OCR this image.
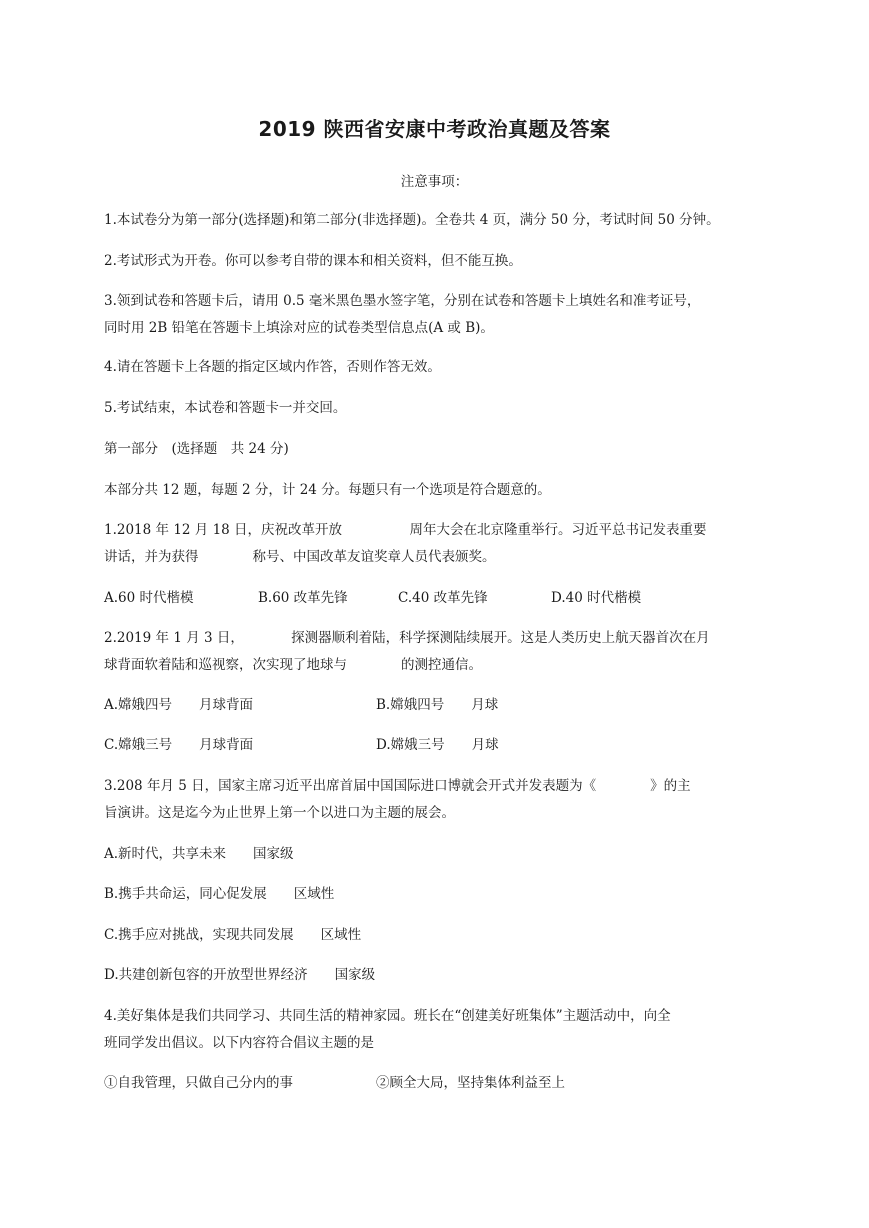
2019 陕西省安康中考政治真题及答案
注意事项：
1.本试卷分为第一部分(选择题)和第二部分(非选择题)。全卷共 4 页，满分 50 分，考试时间 50 分钟。
2.考试形式为开卷。你可以参考自带的课本和相关资料，但不能互换。
3.领到试卷和答题卡后，请用 0.5 毫米黑色墨水签字笔，分别在试卷和答题卡上填姓名和准考证号，
同时用 2B 铅笔在答题卡上填涂对应的试卷类型信息点(A 或 B)。
4.请在答题卡上各题的指定区域内作答，否则作答无效。
5.考试结束，本试卷和答题卡一并交回。
第一部分　(选择题　共 24 分)
本部分共 12 题，每题 2 分，计 24 分。每题只有一个选项是符合题意的。
1.2018 年 12 月 18 日，庆祝改革开放　　　　　周年大会在北京隆重举行。习近平总书记发表重要
讲话，并为获得　　　　称号、中国改革友谊奖章人员代表颁奖。
A.60 时代楷模	B.60 改革先锋	C.40 改革先锋	D.40 时代楷模
2.2019 年 1 月 3 日，　　　　探测器顺利着陆，科学探测陆续展开。这是人类历史上航天器首次在月
球背面软着陆和巡视察，次实现了地球与　　　　的测控通信。
A.嫦娥四号　　月球背面	B.嫦娥四号　　月球
C.嫦娥三号　　月球背面	D.嫦娥三号　　月球
3.208 年月 5 日，国家主席习近平出席首届中国国际进口博就会开式并发表题为《　　　　》的主
旨演讲。这是迄今为止世界上第一个以进口为主题的展会。
A.新时代，共享未来　　国家级
B.携手共命运，同心促发展　　区域性
C.携手应对挑战，实现共同发展　　区域性
D.共建创新包容的开放型世界经济　　国家级
4.美好集体是我们共同学习、共同生活的精神家园。班长在“创建美好班集体”主题活动中，向全
班同学发出倡议。以下内容符合倡议主题的是
①自我管理，只做自己分内的事	②顾全大局，坚持集体利益至上
